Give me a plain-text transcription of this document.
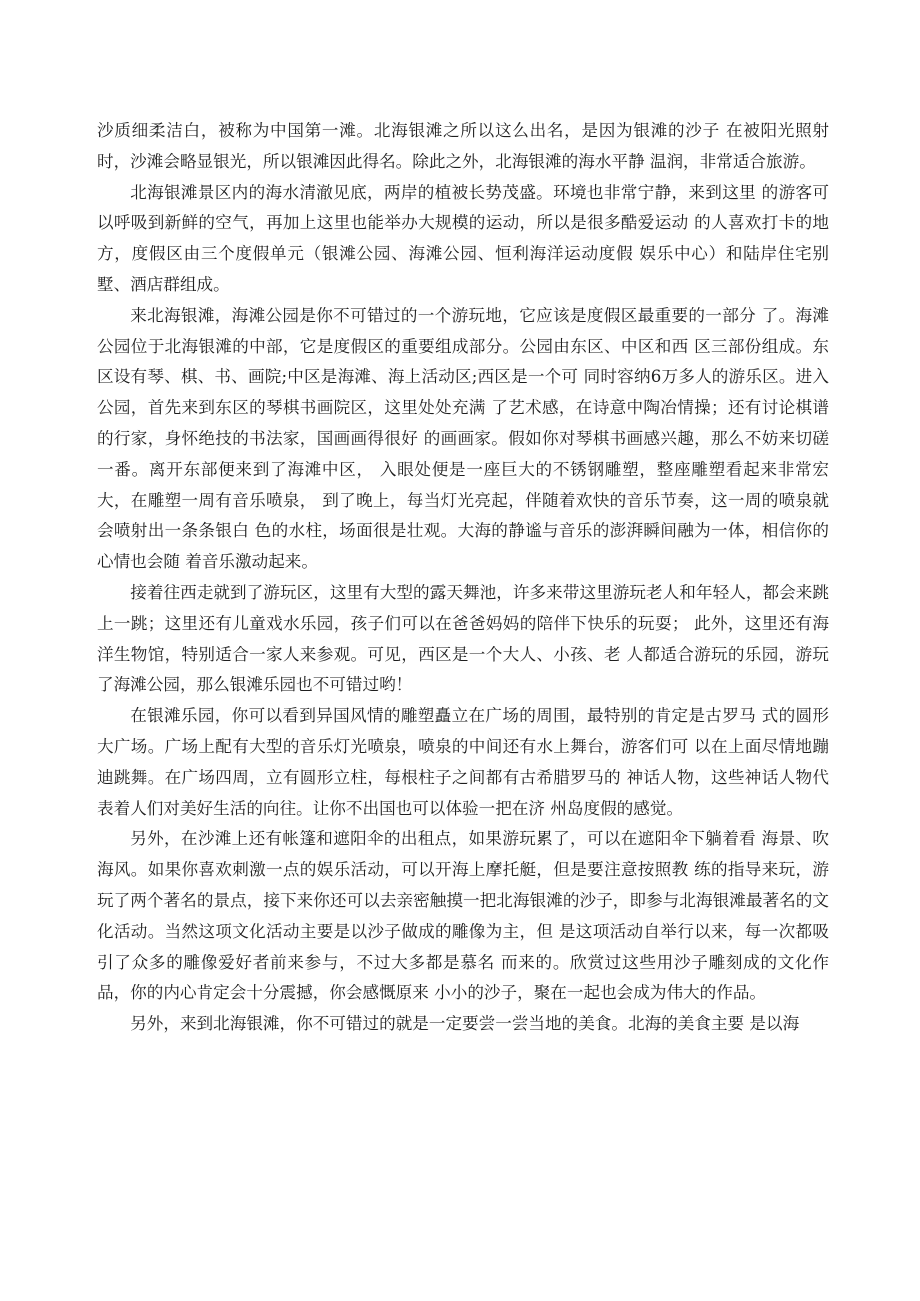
沙质细柔洁白，被称为中国第一滩。北海银滩之所以这么出名，是因为银滩的沙子 在被阳光照射时，沙滩会略显银光，所以银滩因此得名。除此之外，北海银滩的海水平静 温润，非常适合旅游。

北海银滩景区内的海水清澈见底，两岸的植被长势茂盛。环境也非常宁静，来到这里 的游客可以呼吸到新鲜的空气，再加上这里也能举办大规模的运动，所以是很多酷爱运动 的人喜欢打卡的地方，度假区由三个度假单元（银滩公园、海滩公园、恒利海洋运动度假 娱乐中心）和陆岸住宅别墅、酒店群组成。

来北海银滩，海滩公园是你不可错过的一个游玩地，它应该是度假区最重要的一部分 了。海滩公园位于北海银滩的中部，它是度假区的重要组成部分。公园由东区、中区和西 区三部份组成。东区设有琴、棋、书、画院;中区是海滩、海上活动区;西区是一个可 同时容纳6万多人的游乐区。进入公园，首先来到东区的琴棋书画院区，这里处处充满 了艺术感，在诗意中陶冶情操；还有讨论棋谱的行家，身怀绝技的书法家，国画画得很好 的画画家。假如你对琴棋书画感兴趣，那么不妨来切磋一番。离开东部便来到了海滩中区， 入眼处便是一座巨大的不锈钢雕塑，整座雕塑看起来非常宏大，在雕塑一周有音乐喷泉， 到了晚上，每当灯光亮起，伴随着欢快的音乐节奏，这一周的喷泉就会喷射出一条条银白 色的水柱，场面很是壮观。大海的静谧与音乐的澎湃瞬间融为一体，相信你的心情也会随 着音乐激动起来。

接着往西走就到了游玩区，这里有大型的露天舞池，许多来带这里游玩老人和年轻人，都会来跳上一跳；这里还有儿童戏水乐园，孩子们可以在爸爸妈妈的陪伴下快乐的玩耍； 此外，这里还有海洋生物馆，特别适合一家人来参观。可见，西区是一个大人、小孩、老 人都适合游玩的乐园，游玩了海滩公园，那么银滩乐园也不可错过哟！

在银滩乐园，你可以看到异国风情的雕塑矗立在广场的周围，最特别的肯定是古罗马 式的圆形大广场。广场上配有大型的音乐灯光喷泉，喷泉的中间还有水上舞台，游客们可 以在上面尽情地蹦迪跳舞。在广场四周，立有圆形立柱，每根柱子之间都有古希腊罗马的 神话人物，这些神话人物代表着人们对美好生活的向往。让你不出国也可以体验一把在济 州岛度假的感觉。

另外，在沙滩上还有帐篷和遮阳伞的出租点，如果游玩累了，可以在遮阳伞下躺着看 海景、吹海风。如果你喜欢刺激一点的娱乐活动，可以开海上摩托艇，但是要注意按照教 练的指导来玩，游玩了两个著名的景点，接下来你还可以去亲密触摸一把北海银滩的沙子，即参与北海银滩最著名的文化活动。当然这项文化活动主要是以沙子做成的雕像为主，但 是这项活动自举行以来，每一次都吸引了众多的雕像爱好者前来参与，不过大多都是慕名 而来的。欣赏过这些用沙子雕刻成的文化作品，你的内心肯定会十分震撼，你会感慨原来 小小的沙子，聚在一起也会成为伟大的作品。

另外，来到北海银滩，你不可错过的就是一定要尝一尝当地的美食。北海的美食主要 是以海
